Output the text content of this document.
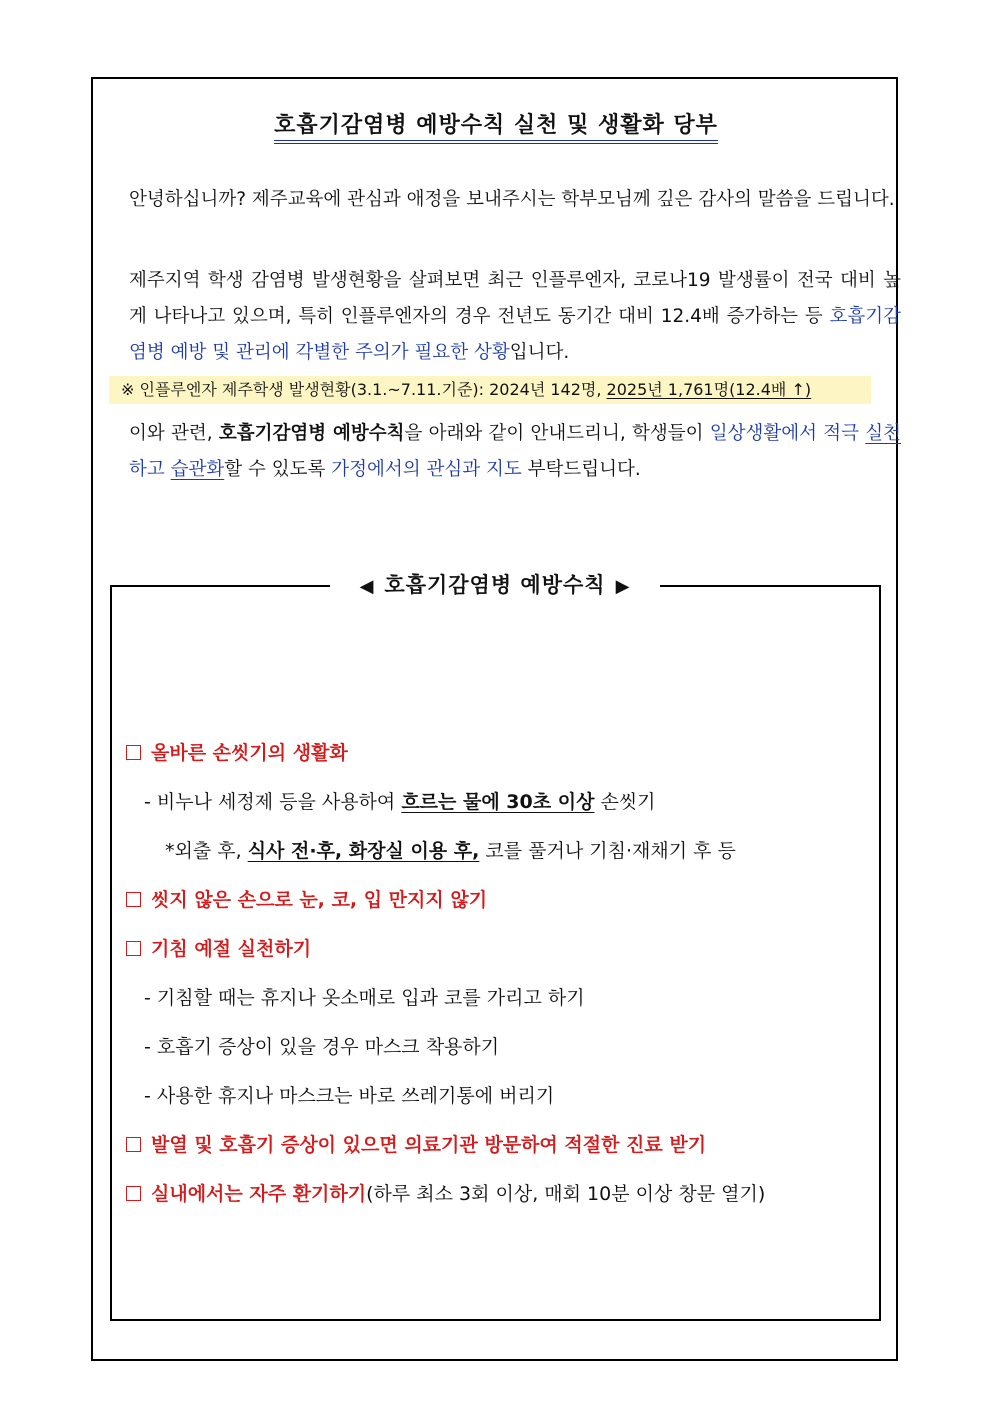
호흡기감염병 예방수칙 실천 및 생활화 당부
안녕하십니까? 제주교육에 관심과 애정을 보내주시는 학부모님께 깊은 감사의 말씀을 드립니다.
제주지역 학생 감염병 발생현황을 살펴보면 최근 인플루엔자, 코로나19 발생률이 전국 대비 높게 나타나고 있으며, 특히 인플루엔자의 경우 전년도 동기간 대비 12.4배 증가하는 등 호흡기감염병 예방 및 관리에 각별한 주의가 필요한 상황입니다.
※ 인플루엔자 제주학생 발생현황(3.1.~7.11.기준): 2024년 142명, 2025년 1,761명(12.4배 ↑)
이와 관련, 호흡기감염병 예방수칙을 아래와 같이 안내드리니, 학생들이 일상생활에서 적극 실천하고 습관화할 수 있도록 가정에서의 관심과 지도 부탁드립니다.
◀ 호흡기감염병 예방수칙 ▶
올바른 손씻기의 생활화
- 비누나 세정제 등을 사용하여 흐르는 물에 30초 이상 손씻기
*외출 후, 식사 전·후, 화장실 이용 후, 코를 풀거나 기침·재채기 후 등
씻지 않은 손으로 눈, 코, 입 만지지 않기
기침 예절 실천하기
- 기침할 때는 휴지나 옷소매로 입과 코를 가리고 하기
- 호흡기 증상이 있을 경우 마스크 착용하기
- 사용한 휴지나 마스크는 바로 쓰레기통에 버리기
발열 및 호흡기 증상이 있으면 의료기관 방문하여 적절한 진료 받기
실내에서는 자주 환기하기(하루 최소 3회 이상, 매회 10분 이상 창문 열기)
